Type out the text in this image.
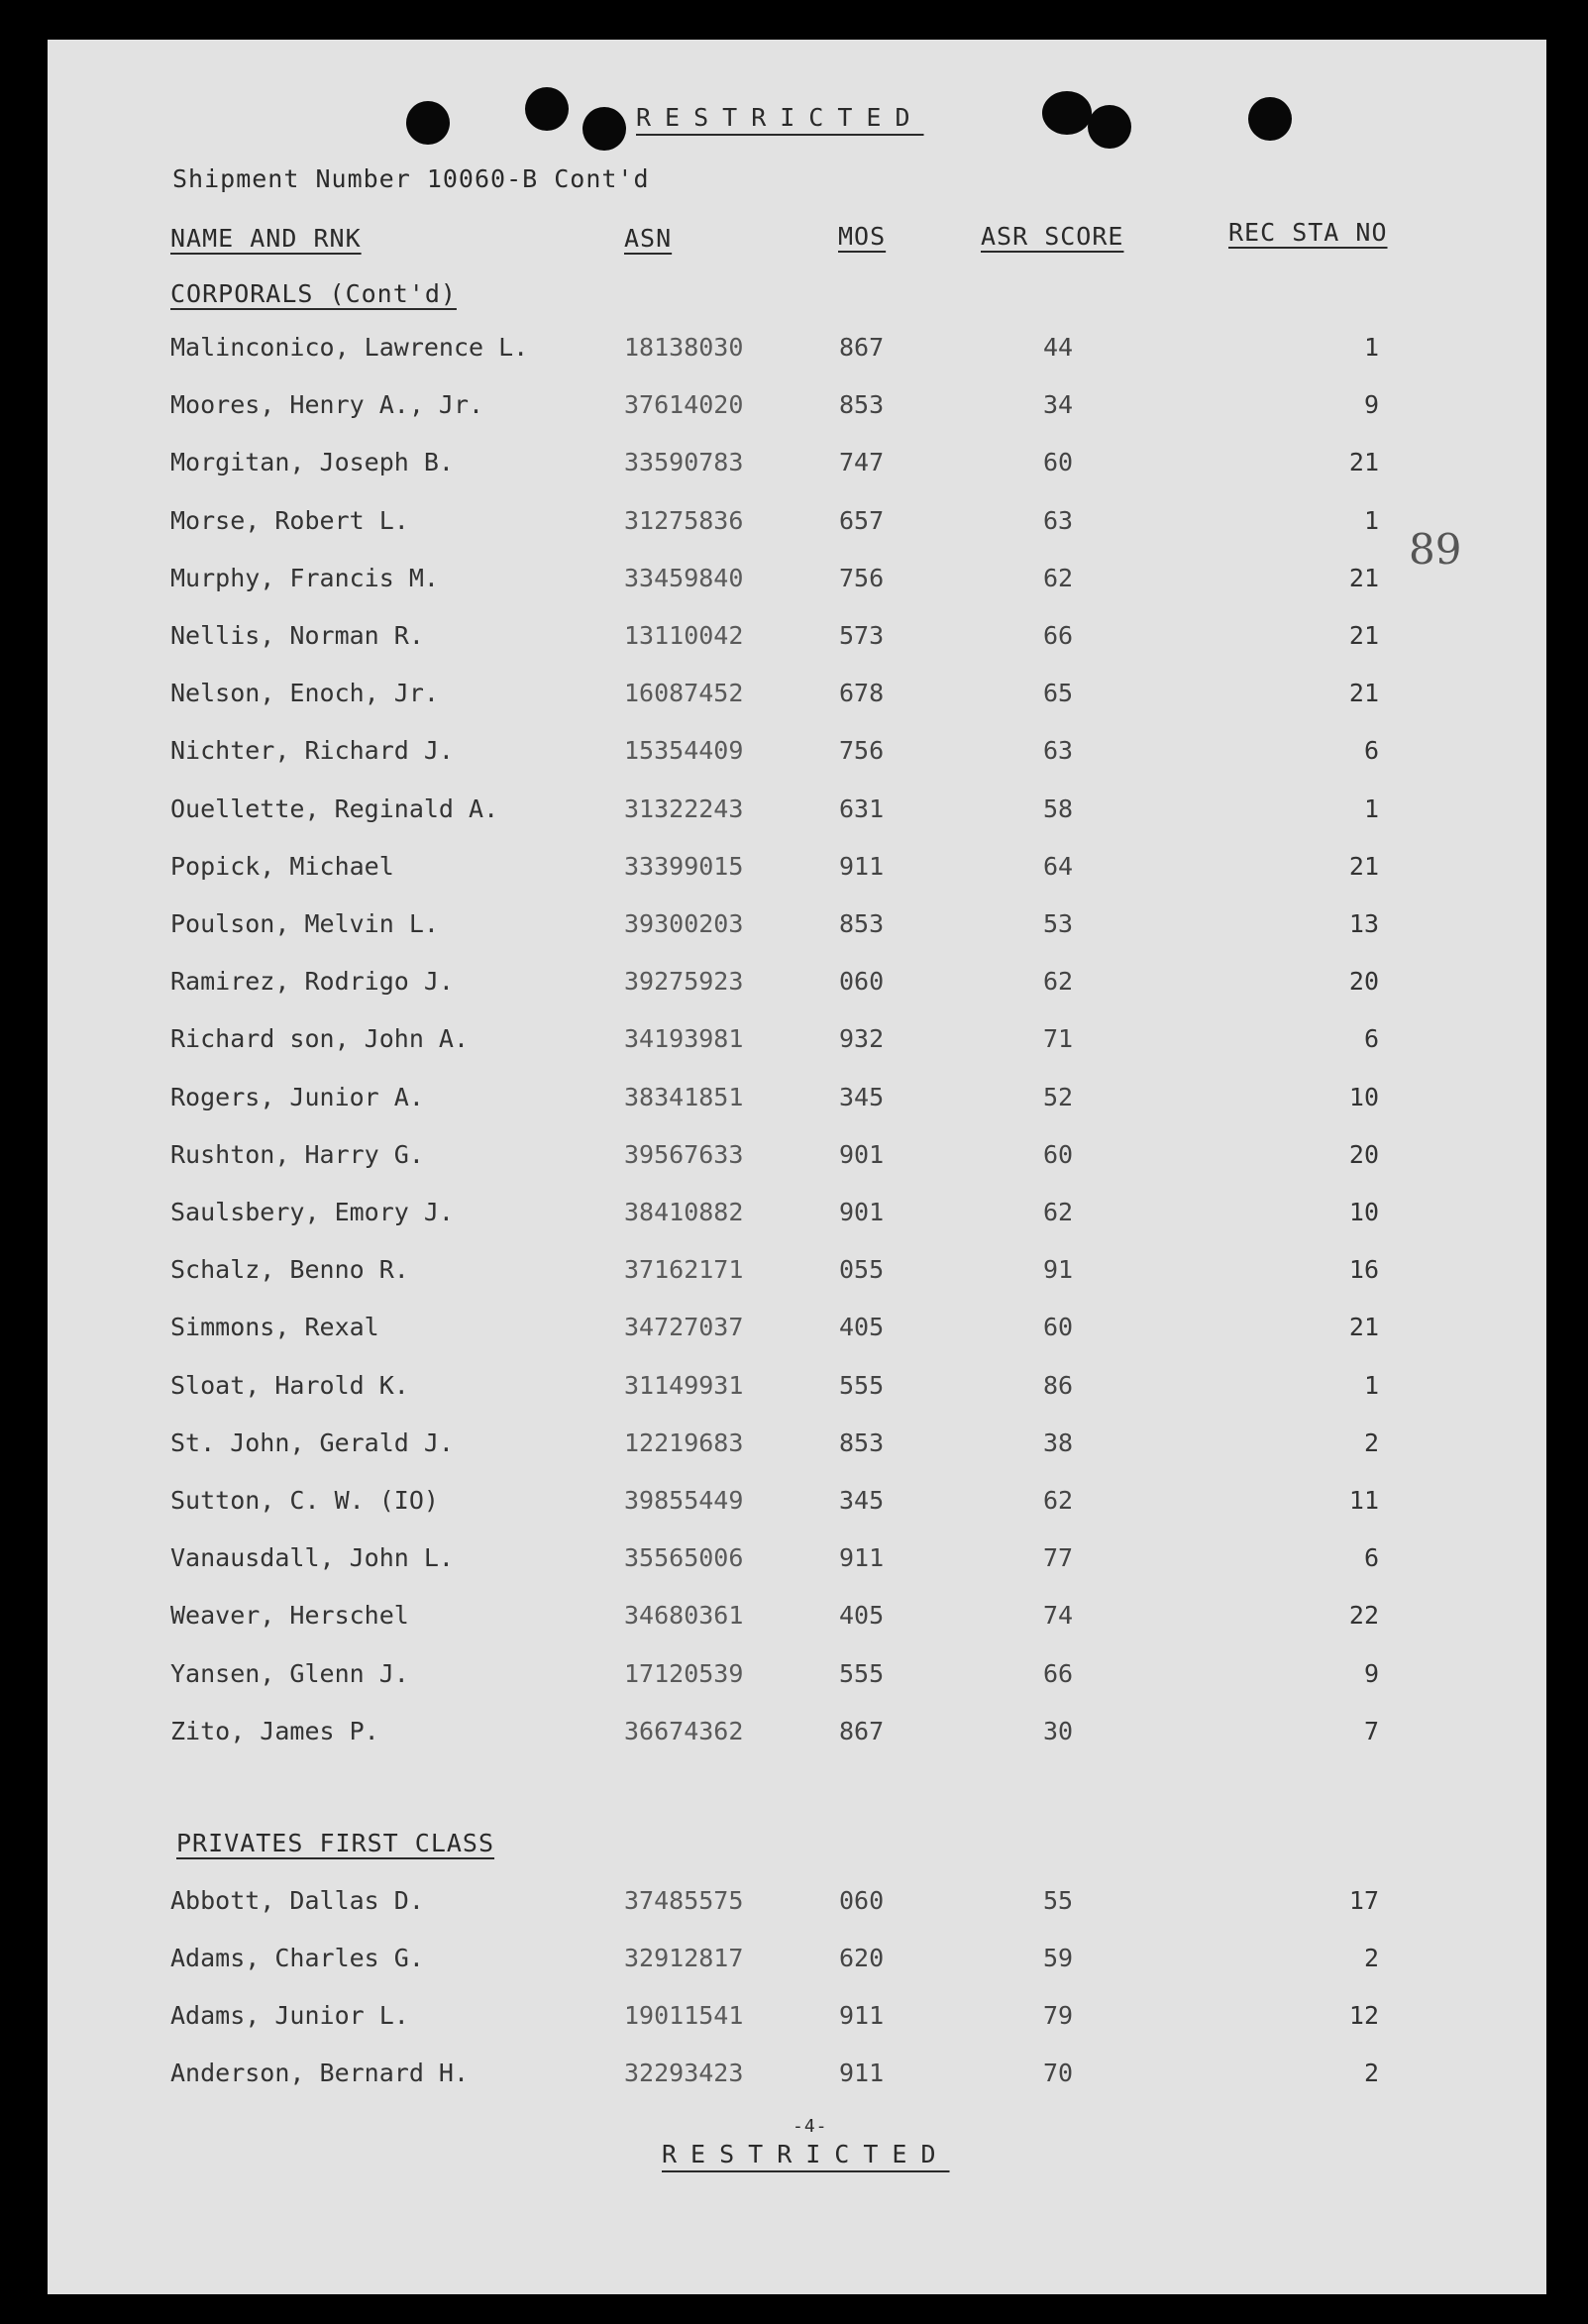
RESTRICTED
Shipment Number 10060-B Cont'd
NAME AND RNK	ASN	MOS	ASR SCORE	REC STA NO
CORPORALS (Cont'd)
Malinconico, Lawrence L.	18138030	867	44	1
Moores, Henry A., Jr.	37614020	853	34	9
Morgitan, Joseph B.	33590783	747	60	21
Morse, Robert L.	31275836	657	63	1
Murphy, Francis M.	33459840	756	62	21
Nellis, Norman R.	13110042	573	66	21
Nelson, Enoch, Jr.	16087452	678	65	21
Nichter, Richard J.	15354409	756	63	6
Ouellette, Reginald A.	31322243	631	58	1
Popick, Michael	33399015	911	64	21
Poulson, Melvin L.	39300203	853	53	13
Ramirez, Rodrigo J.	39275923	060	62	20
Richard son, John A.	34193981	932	71	6
Rogers, Junior A.	38341851	345	52	10
Rushton, Harry G.	39567633	901	60	20
Saulsbery, Emory J.	38410882	901	62	10
Schalz, Benno R.	37162171	055	91	16
Simmons, Rexal	34727037	405	60	21
Sloat, Harold K.	31149931	555	86	1
St. John, Gerald J.	12219683	853	38	2
Sutton, C. W. (IO)	39855449	345	62	11
Vanausdall, John L.	35565006	911	77	6
Weaver, Herschel	34680361	405	74	22
Yansen, Glenn J.	17120539	555	66	9
Zito, James P.	36674362	867	30	7
PRIVATES FIRST CLASS
Abbott, Dallas D.	37485575	060	55	17
Adams, Charles G.	32912817	620	59	2
Adams, Junior L.	19011541	911	79	12
Anderson, Bernard H.	32293423	911	70	2
-4-
RESTRICTED
89
